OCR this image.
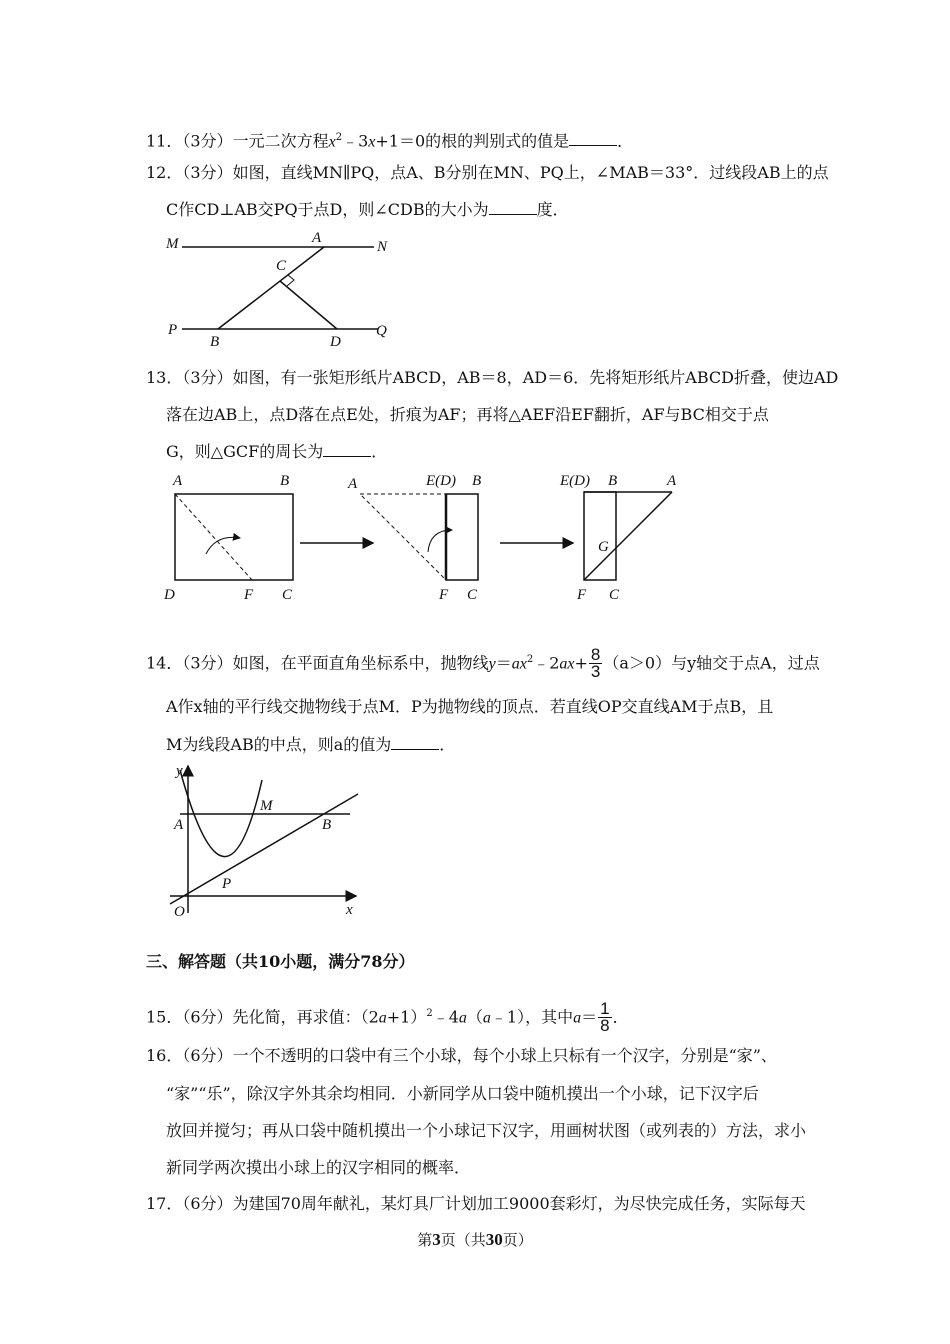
11．（3分）一元二次方程$x^2﹣3x+1=0$的根的判别式的值是	．
12．（3分）如图，直线MN∥PQ，点A、B分别在MN、PQ上，∠MAB＝33°．过线段AB上的点
C作CD⊥AB交PQ于点D，则∠CDB的大小为	度．
M	A
N
C
P
B	D
Q
13．（3分）如图，有一张矩形纸片ABCD，AB＝8，AD＝6．先将矩形纸片ABCD折叠，使边AD
落在边AB上，点D落在点E处，折痕为AF；再将△AEF沿EF翻折，AF与BC相交于点
G，则△GCF的周长为	．
A	B
D	F C
A	E(D) B
F C
E(D) B	A
G
F C
14．（3分）如图，在平面直角坐标系中，抛物线$y=ax^2﹣2ax+ \frac{8}{3} (a>0)$与y轴交于点A，过点
A作x轴的平行线交抛物线于点M．P为抛物线的顶点．若直线OP交直线AM于点B，且
M为线段AB的中点，则a的值为	．
y
A
M
B
P
O	x
三、解答题（共10小题，满分78分）
15．（6分）先化简，再求值：$(2a+1)^2﹣4a(a﹣1)$，其中$a= \frac{1}{8}$ ．
16．（6分）一个不透明的口袋中有三个小球，每个小球上只标有一个汉字，分别是“家”、
“家”“乐”，除汉字外其余均相同．小新同学从口袋中随机摸出一个小球，记下汉字后
放回并搅匀；再从口袋中随机摸出一个小球记下汉字，用画树状图（或列表的）方法，求小
新同学两次摸出小球上的汉字相同的概率．
17．（6分）为建国70周年献礼，某灯具厂计划加工9000套彩灯，为尽快完成任务，实际每天
第3页（共30页）
